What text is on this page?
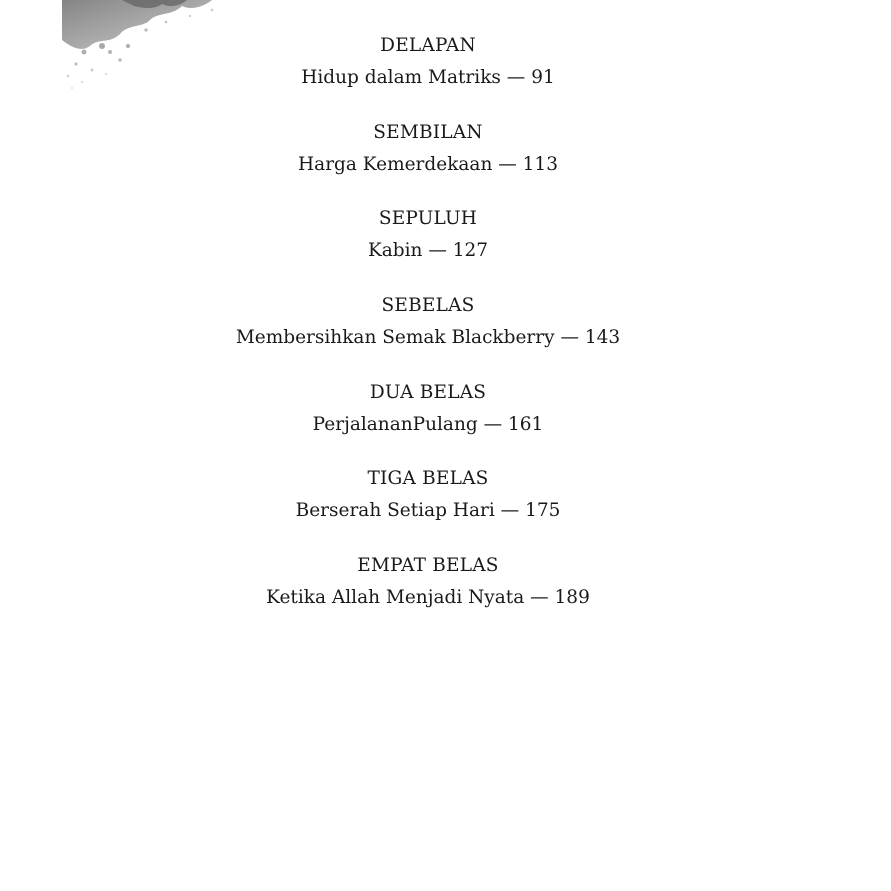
DELAPAN
Hidup dalam Matriks — 91
SEMBILAN
Harga Kemerdekaan — 113
SEPULUH
Kabin — 127
SEBELAS
Membersihkan Semak Blackberry — 143
DUA BELAS
PerjalananPulang — 161
TIGA BELAS
Berserah Setiap Hari — 175
EMPAT BELAS
Ketika Allah Menjadi Nyata — 189
